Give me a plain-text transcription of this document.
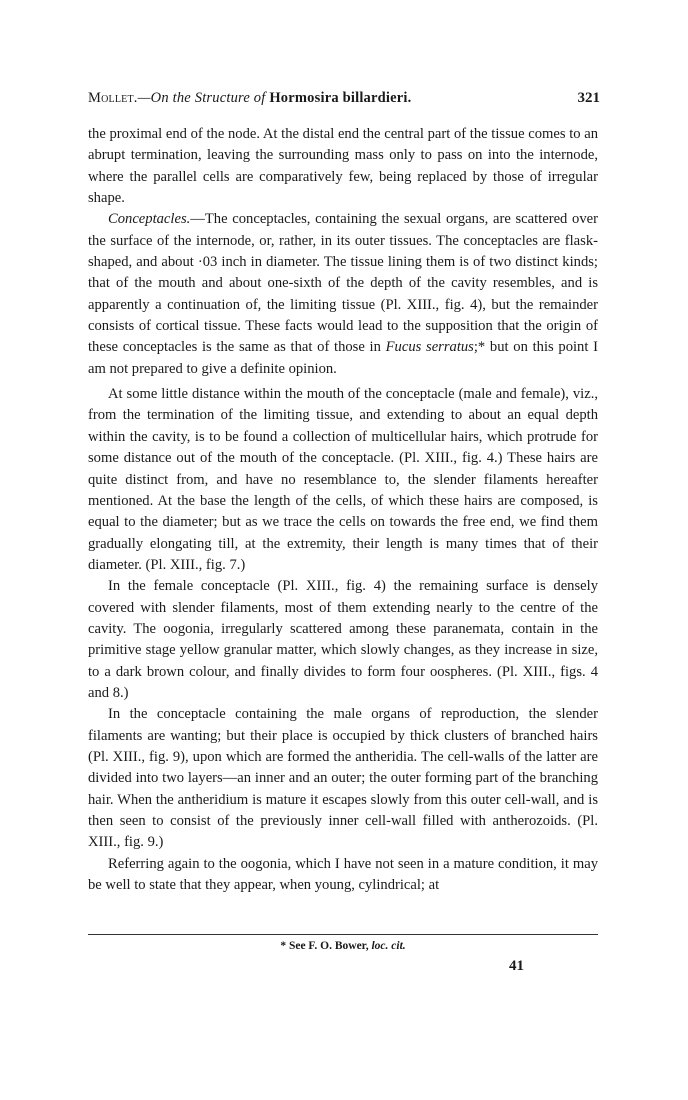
Mollet.—On the Structure of Hormosira billardieri.	321

the proximal end of the node. At the distal end the central part of the tissue comes to an abrupt termination, leaving the surrounding mass only to pass on into the internode, where the parallel cells are comparatively few, being replaced by those of irregular shape.

Conceptacles.—The conceptacles, containing the sexual organs, are scattered over the surface of the internode, or, rather, in its outer tissues. The conceptacles are flask-shaped, and about ·03 inch in diameter. The tissue lining them is of two distinct kinds; that of the mouth and about one-sixth of the depth of the cavity resembles, and is apparently a continuation of, the limiting tissue (Pl. XIII., fig. 4), but the remainder consists of cortical tissue. These facts would lead to the supposition that the origin of these conceptacles is the same as that of those in Fucus serratus;* but on this point I am not prepared to give a definite opinion.

At some little distance within the mouth of the conceptacle (male and female), viz., from the termination of the limiting tissue, and extending to about an equal depth within the cavity, is to be found a collection of multicellular hairs, which protrude for some distance out of the mouth of the conceptacle. (Pl. XIII., fig. 4.) These hairs are quite distinct from, and have no resemblance to, the slender filaments hereafter mentioned. At the base the length of the cells, of which these hairs are composed, is equal to the diameter; but as we trace the cells on towards the free end, we find them gradually elongating till, at the extremity, their length is many times that of their diameter. (Pl. XIII., fig. 7.)

In the female conceptacle (Pl. XIII., fig. 4) the remaining surface is densely covered with slender filaments, most of them extending nearly to the centre of the cavity. The oogonia, irregularly scattered among these paranemata, contain in the primitive stage yellow granular matter, which slowly changes, as they increase in size, to a dark brown colour, and finally divides to form four oospheres. (Pl. XIII., figs. 4 and 8.)

In the conceptacle containing the male organs of reproduction, the slender filaments are wanting; but their place is occupied by thick clusters of branched hairs (Pl. XIII., fig. 9), upon which are formed the antheridia. The cell-walls of the latter are divided into two layers—an inner and an outer; the outer forming part of the branching hair. When the antheridium is mature it escapes slowly from this outer cell-wall, and is then seen to consist of the previously inner cell-wall filled with antherozoids. (Pl. XIII., fig. 9.)

Referring again to the oogonia, which I have not seen in a mature condition, it may be well to state that they appear, when young, cylindrical; at

* See F. O. Bower, loc. cit.
41
